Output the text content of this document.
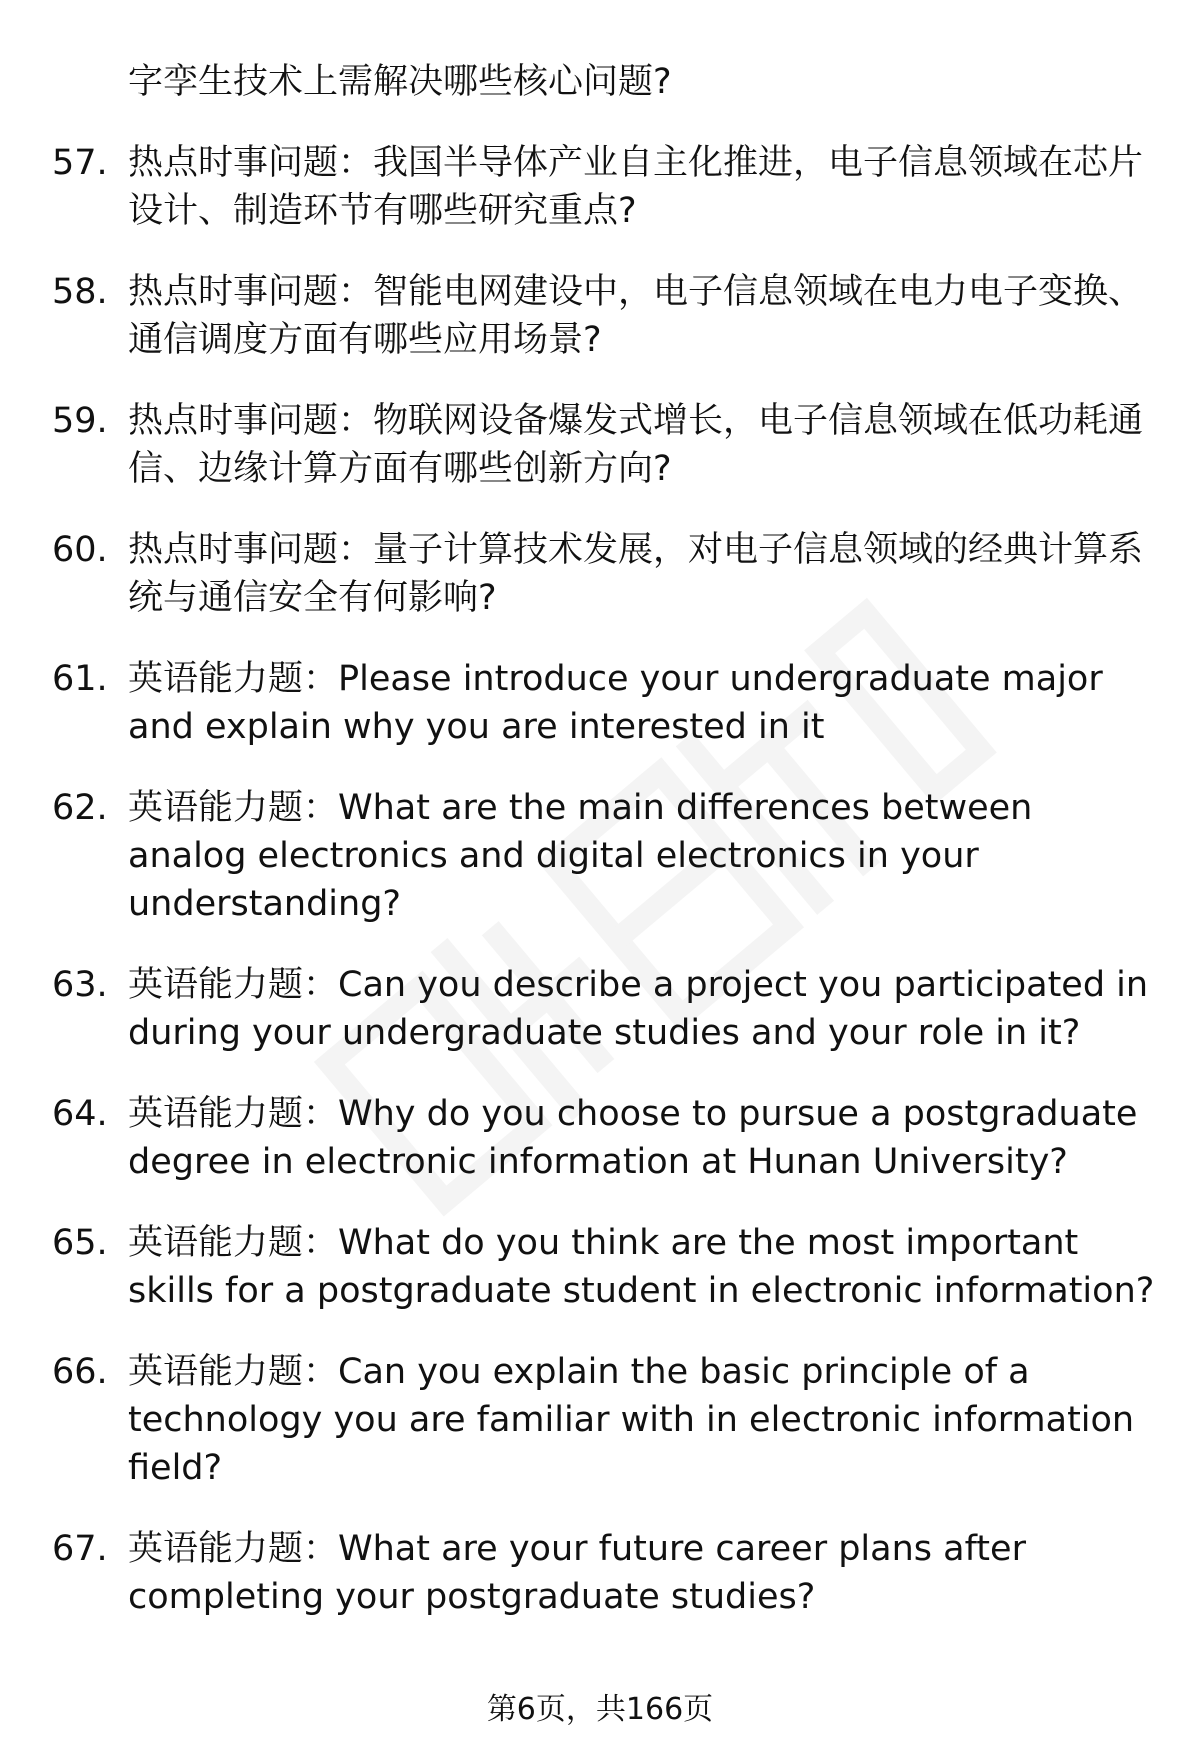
字孪生技术上需解决哪些核心问题?
57. 热点时事问题：我国半导体产业自主化推进，电子信息领域在芯片设计、制造环节有哪些研究重点?
58. 热点时事问题：智能电网建设中，电子信息领域在电力电子变换、通信调度方面有哪些应用场景?
59. 热点时事问题：物联网设备爆发式增长，电子信息领域在低功耗通信、边缘计算方面有哪些创新方向?
60. 热点时事问题：量子计算技术发展，对电子信息领域的经典计算系统与通信安全有何影响?
61. 英语能力题：Please introduce your undergraduate major and explain why you are interested in it
62. 英语能力题：What are the main differences between analog electronics and digital electronics in your understanding?
63. 英语能力题：Can you describe a project you participated in during your undergraduate studies and your role in it?
64. 英语能力题：Why do you choose to pursue a postgraduate degree in electronic information at Hunan University?
65. 英语能力题：What do you think are the most important skills for a postgraduate student in electronic information?
66. 英语能力题：Can you explain the basic principle of a technology you are familiar with in electronic information field?
67. 英语能力题：What are your future career plans after completing your postgraduate studies?
第6页，共166页
